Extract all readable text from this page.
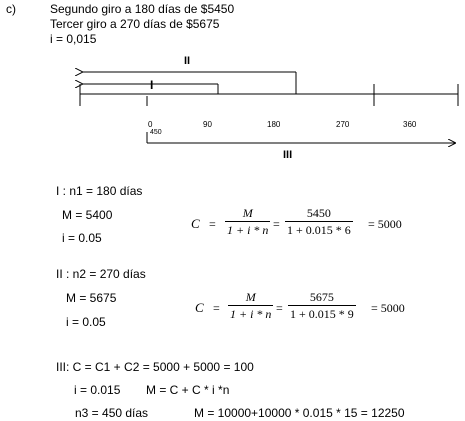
c)	Segundo giro a 180 días de $5450
Tercer giro a 270 días de $5675
i = 0,015
II
I
III
0
450
90	180	270	360
I : n1 = 180 días
M = 5400
i = 0.05
$C = \frac{M}{1 + i * n} = \frac{5450}{1 + 0.015 * 6} = 5000$
II : n2 = 270 días
M = 5675
i = 0.05
$C = \frac{M}{1 + i * n} = \frac{5675}{1 + 0.015 * 9} = 5000$
III: C = C1 + C2 = 5000 + 5000 = 100
i = 0.015 M = C + C * i *n
n3 = 450 días	M = 10000+10000 * 0.015 * 15 = 12250
